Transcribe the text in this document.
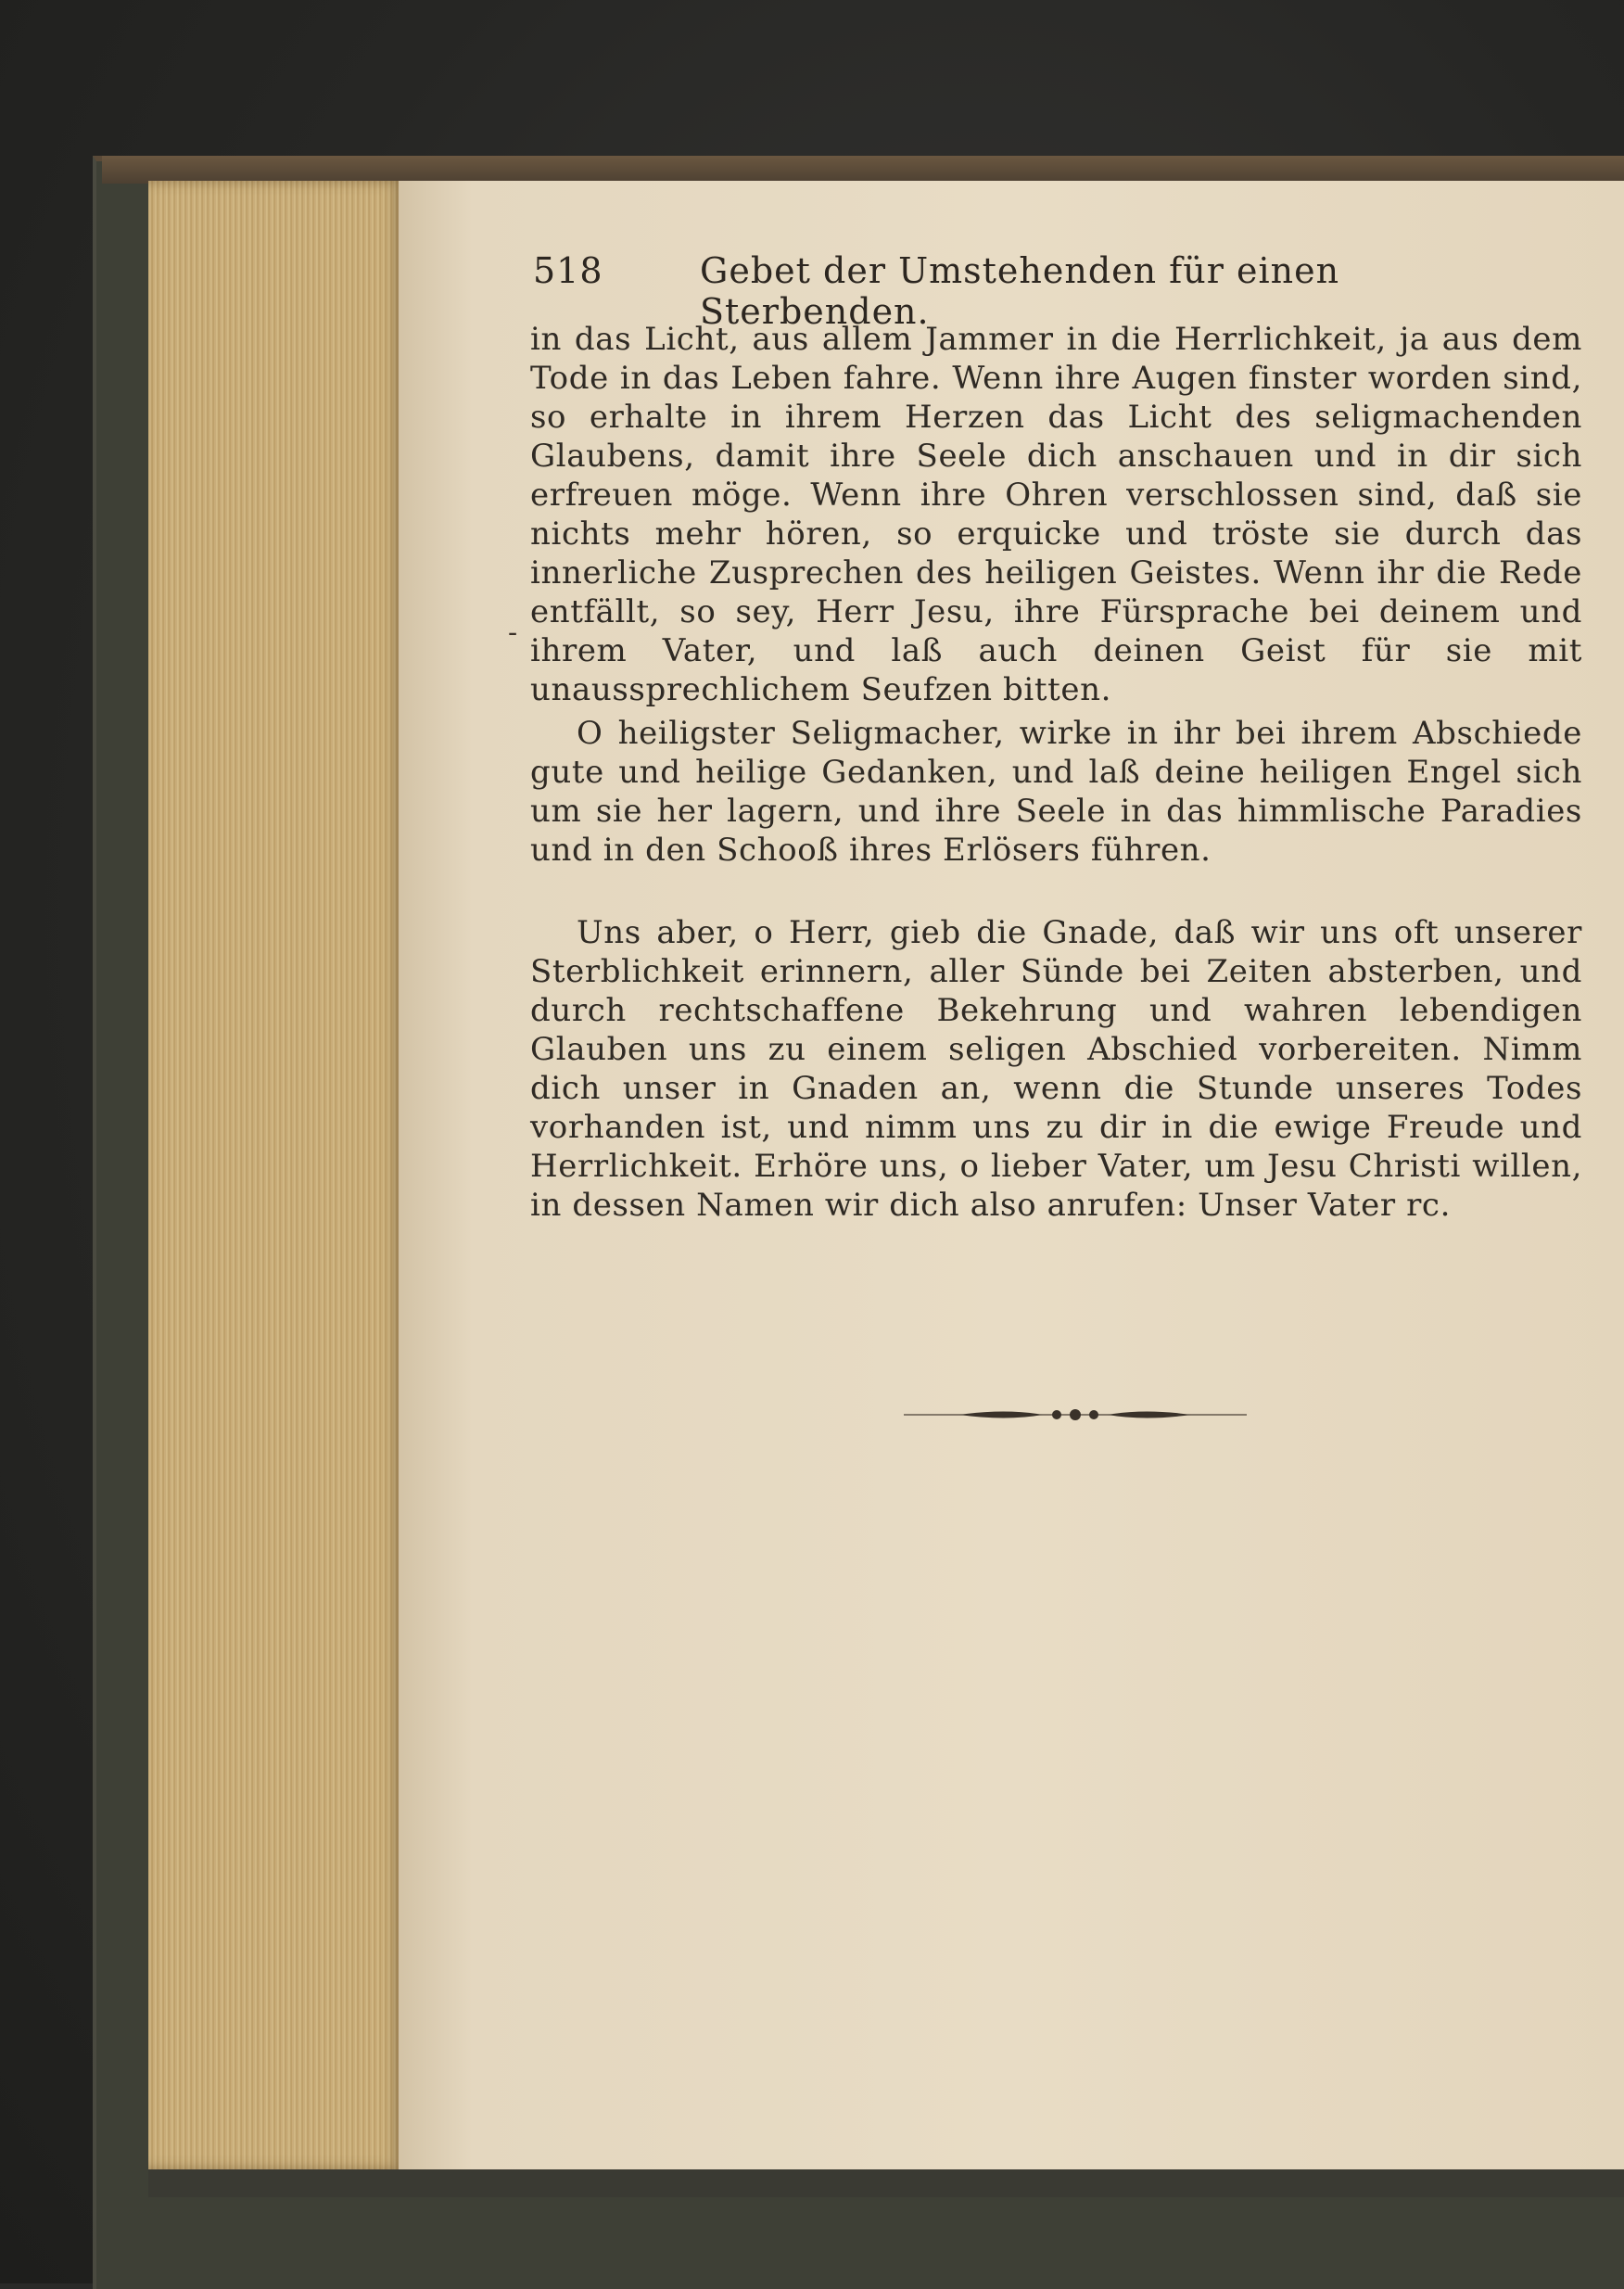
518	Gebet der Umstehenden für einen Sterbenden.
-
in das Licht, aus allem Jammer in die Herrlichkeit, ja aus dem Tode in das Leben fahre. Wenn ihre Augen finster worden sind, so erhalte in ihrem Herzen das Licht des seligmachenden Glaubens, damit ihre Seele dich anschauen und in dir sich erfreuen möge. Wenn ihre Ohren verschlossen sind, daß sie nichts mehr hören, so erquicke und tröste sie durch das innerliche Zusprechen des heiligen Geistes. Wenn ihr die Rede entfällt, so sey, Herr Jesu, ihre Fürsprache bei deinem und ihrem Vater, und laß auch deinen Geist für sie mit unaussprechlichem Seufzen bitten.
O heiligster Seligmacher, wirke in ihr bei ihrem Abschiede gute und heilige Gedanken, und laß deine heiligen Engel sich um sie her lagern, und ihre Seele in das himmlische Paradies und in den Schooß ihres Erlösers führen.
Uns aber, o Herr, gieb die Gnade, daß wir uns oft unserer Sterblichkeit erinnern, aller Sünde bei Zeiten absterben, und durch rechtschaffene Bekehrung und wahren lebendigen Glauben uns zu einem seligen Abschied vorbereiten. Nimm dich unser in Gnaden an, wenn die Stunde unseres Todes vorhanden ist, und nimm uns zu dir in die ewige Freude und Herrlichkeit. Erhöre uns, o lieber Vater, um Jesu Christi willen, in dessen Namen wir dich also anrufen: Unser Vater rc.
